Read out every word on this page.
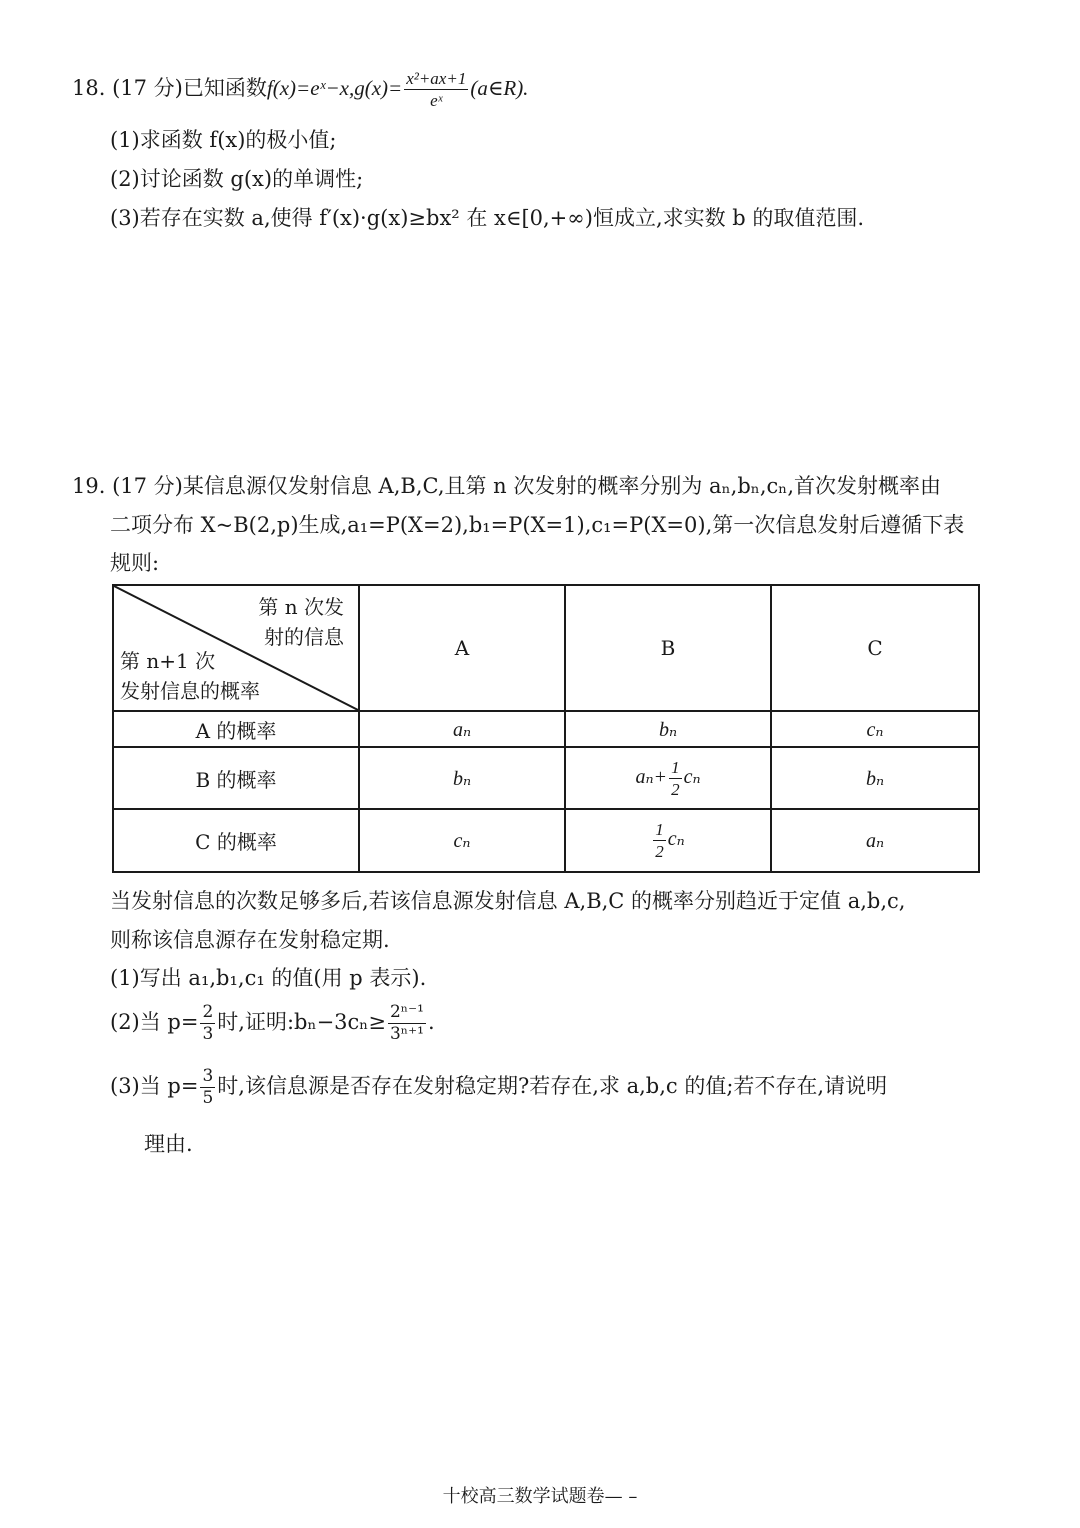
18. (17 分)已知函数f(x)=eˣ−x,g(x)= $\frac{\text{x²+ax+1}}{\text{eˣ}}$ (a∈R).
(1)求函数 f(x)的极小值;
(2)讨论函数 g(x)的单调性;
(3)若存在实数 a,使得 f′(x)·g(x)≥bx² 在 x∈[0,+∞)恒成立,求实数 b 的取值范围.
19. (17 分)某信息源仅发射信息 A,B,C,且第 n 次发射的概率分别为 aₙ,bₙ,cₙ,首次发射概率由
二项分布 X~B(2,p)生成,a₁=P(X=2),b₁=P(X=1),c₁=P(X=0),第一次信息发射后遵循下表
规则:
第 n 次发
射的信息
第 n+1 次
发射信息的概率	A	B	C
A 的概率	aₙ	bₙ	cₙ
B 的概率	bₙ	$a_n+ \frac{1}{2}$ cₙ	bₙ
C 的概率	cₙ	$\frac{1}{2}$ cₙ	aₙ
当发射信息的次数足够多后,若该信息源发射信息 A,B,C 的概率分别趋近于定值 a,b,c,
则称该信息源存在发射稳定期.
(1)写出 a₁,b₁,c₁ 的值(用 p 表示).
(2)当 $p= \frac{2}{3}$ 时,证明:bₙ−3cₙ≥ $\frac{\text{2ⁿ⁻¹}}{\text{3ⁿ⁺¹}}$ .
(3)当 $p= \frac{3}{5}$ 时,该信息源是否存在发射稳定期?若存在,求 a,b,c 的值;若不存在,请说明
理由.
十校高三数学试题卷— –
